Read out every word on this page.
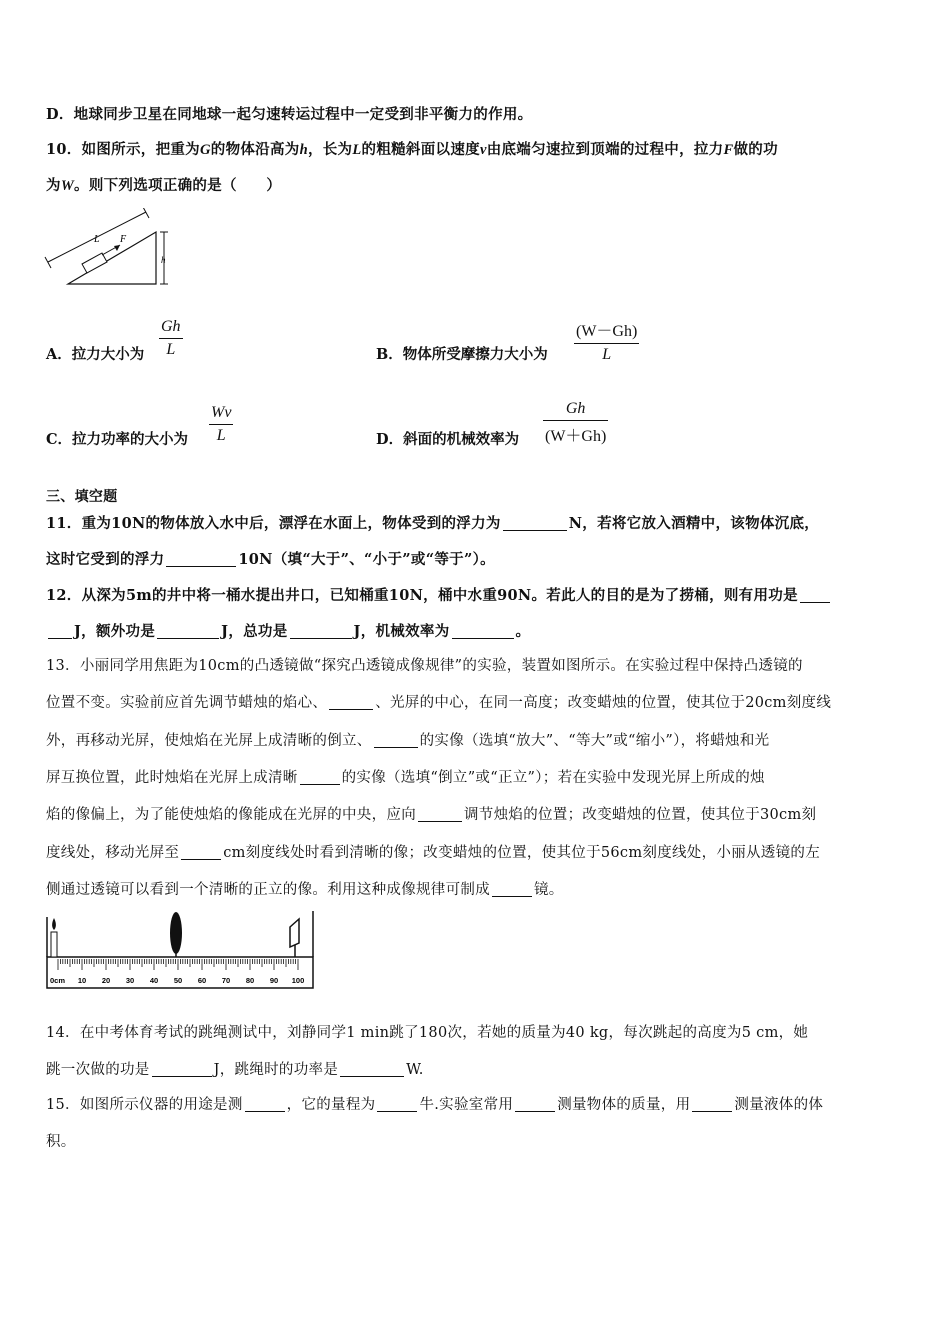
D．地球同步卫星在同地球一起匀速转运过程中一定受到非平衡力的作用。
10．如图所示，把重为G的物体沿高为h，长为L的粗糙斜面以速度v由底端匀速拉到顶端的过程中，拉力F做的功
为W。则下列选项正确的是（　　）
L F
h
A．拉力大小为
Gh
L	B．物体所受摩擦力大小为
(W－Gh)
L
C．拉力功率的大小为
Wv
L	D．斜面的机械效率为
Gh
(W＋Gh)
三、填空题
11．重为10N的物体放入水中后，漂浮在水面上，物体受到的浮力为	N，若将它放入酒精中，该物体沉底，
这时它受到的浮力	10N（填“大于”、“小于”或“等于”）。
12．从深为5m的井中将一桶水提出井口，已知桶重10N，桶中水重90N。若此人的目的是为了捞桶，则有用功是
J，额外功是	J，总功是	J，机械效率为	。
13．小丽同学用焦距为10cm的凸透镜做“探究凸透镜成像规律”的实验，装置如图所示。在实验过程中保持凸透镜的
位置不变。实验前应首先调节蜡烛的焰心、	、光屏的中心，在同一高度；改变蜡烛的位置，使其位于20cm刻度线
外，再移动光屏，使烛焰在光屏上成清晰的倒立、	的实像（选填“放大”、“等大”或“缩小”），将蜡烛和光
屏互换位置，此时烛焰在光屏上成清晰	的实像（选填“倒立”或“正立”）；若在实验中发现光屏上所成的烛
焰的像偏上，为了能使烛焰的像能成在光屏的中央，应向	调节烛焰的位置；改变蜡烛的位置，使其位于30cm刻
度线处，移动光屏至	cm刻度线处时看到清晰的像；改变蜡烛的位置，使其位于56cm刻度线处，小丽从透镜的左
侧通过透镜可以看到一个清晰的正立的像。利用这种成像规律可制成	镜。
0cm 10 20 30 40 50 60 70 80 90 100
14．在中考体育考试的跳绳测试中，刘静同学1 min跳了180次，若她的质量为40 kg，每次跳起的高度为5 cm，她
跳一次做的功是	J，跳绳时的功率是	W.
15．如图所示仪器的用途是测	，它的量程为	牛.实验室常用	测量物体的质量，用	测量液体的体
积。
